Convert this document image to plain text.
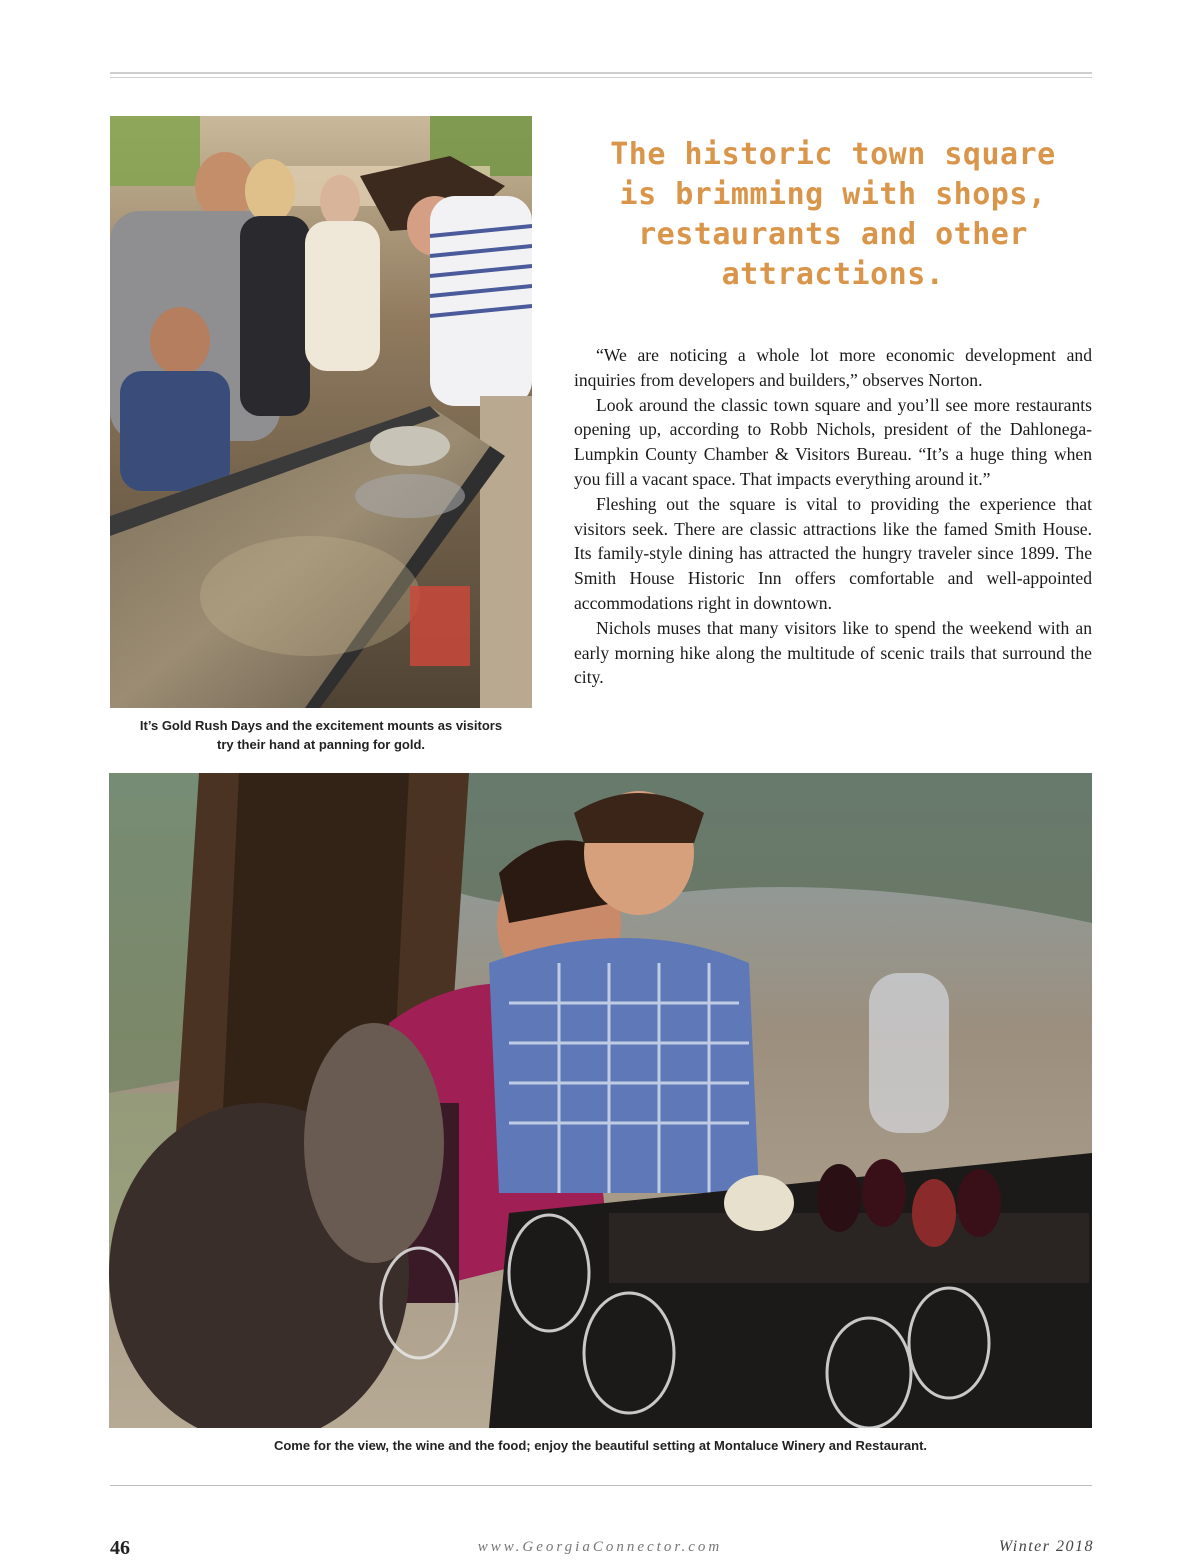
It’s Gold Rush Days and the excitement mounts as visitors
try their hand at panning for gold.
The historic town square
is brimming with shops,
restaurants and other
attractions.

“We are noticing a whole lot more economic development and inquiries from developers and builders,” observes Norton.

Look around the classic town square and you’ll see more restaurants opening up, according to Robb Nichols, president of the Dahlonega-Lumpkin County Chamber & Visitors Bureau. “It’s a huge thing when you fill a vacant space. That impacts everything around it.”

Fleshing out the square is vital to providing the experience that visitors seek. There are classic attractions like the famed Smith House. Its family-style dining has attracted the hungry traveler since 1899. The Smith House Historic Inn offers comfortable and well-appointed accommodations right in downtown.

Nichols muses that many visitors like to spend the weekend with an early morning hike along the multitude of scenic trails that surround the city.

Come for the view, the wine and the food; enjoy the beautiful setting at Montaluce Winery and Restaurant.
46	www.GeorgiaConnector.com	Winter 2018
